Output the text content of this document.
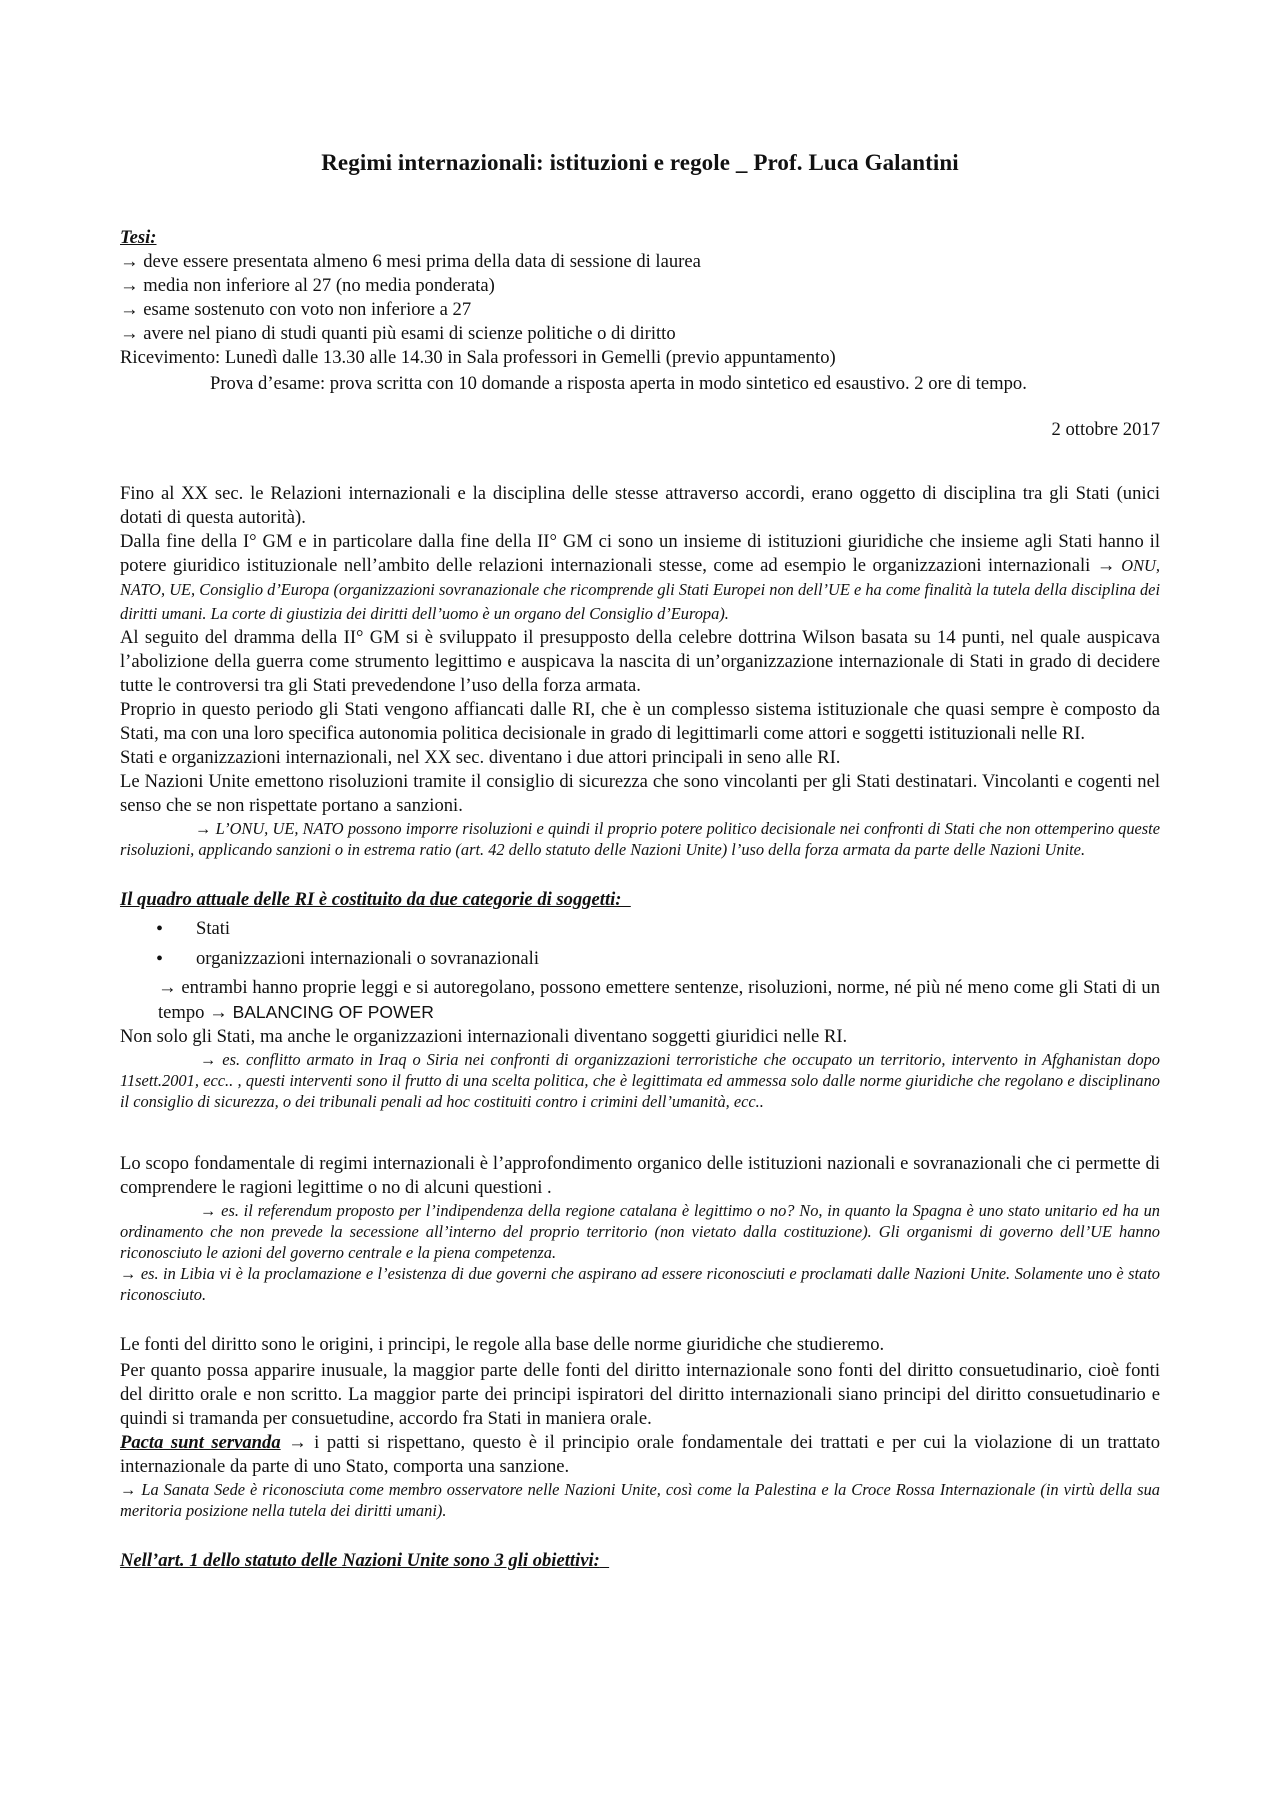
Regimi internazionali: istituzioni e regole _ Prof. Luca Galantini

Tesi:

→ deve essere presentata almeno 6 mesi prima della data di sessione di laurea

→ media non inferiore al 27 (no media ponderata)

→ esame sostenuto con voto non inferiore a 27

→ avere nel piano di studi quanti più esami di scienze politiche o di diritto

Ricevimento: Lunedì dalle 13.30 alle 14.30 in Sala professori in Gemelli (previo appuntamento)

Prova d’esame: prova scritta con 10 domande a risposta aperta in modo sintetico ed esaustivo. 2 ore di tempo.

2 ottobre 2017

Fino al XX sec. le Relazioni internazionali e la disciplina delle stesse attraverso accordi, erano oggetto di disciplina tra gli Stati (unici dotati di questa autorità).

Dalla fine della I° GM e in particolare dalla fine della II° GM ci sono un insieme di istituzioni giuridiche che insieme agli Stati hanno il potere giuridico istituzionale nell’ambito delle relazioni internazionali stesse, come ad esempio le organizzazioni internazionali → ONU, NATO, UE, Consiglio d’Europa (organizzazioni sovranazionale che ricomprende gli Stati Europei non dell’UE e ha come finalità la tutela della disciplina dei diritti umani. La corte di giustizia dei diritti dell’uomo è un organo del Consiglio d’Europa).

Al seguito del dramma della II° GM si è sviluppato il presupposto della celebre dottrina Wilson basata su 14 punti, nel quale auspicava l’abolizione della guerra come strumento legittimo e auspicava la nascita di un’organizzazione internazionale di Stati in grado di decidere tutte le controversi tra gli Stati prevedendone l’uso della forza armata.

Proprio in questo periodo gli Stati vengono affiancati dalle RI, che è un complesso sistema istituzionale che quasi sempre è composto da Stati, ma con una loro specifica autonomia politica decisionale in grado di legittimarli come attori e soggetti istituzionali nelle RI.

Stati e organizzazioni internazionali, nel XX sec. diventano i due attori principali in seno alle RI.

Le Nazioni Unite emettono risoluzioni tramite il consiglio di sicurezza che sono vincolanti per gli Stati destinatari. Vincolanti e cogenti nel senso che se non rispettate portano a sanzioni.

→ L’ONU, UE, NATO possono imporre risoluzioni e quindi il proprio potere politico decisionale nei confronti di Stati che non ottemperino queste risoluzioni, applicando sanzioni o in estrema ratio (art. 42 dello statuto delle Nazioni Unite) l’uso della forza armata da parte delle Nazioni Unite.

Il quadro attuale delle RI è costituito da due categorie di soggetti:

• Stati
• organizzazioni internazionali o sovranazionali

→ entrambi hanno proprie leggi e si autoregolano, possono emettere sentenze, risoluzioni, norme, né più né meno come gli Stati di un tempo → BALANCING OF POWER

Non solo gli Stati, ma anche le organizzazioni internazionali diventano soggetti giuridici nelle RI.

→ es. conflitto armato in Iraq o Siria nei confronti di organizzazioni terroristiche che occupato un territorio, intervento in Afghanistan dopo 11sett.2001, ecc.. , questi interventi sono il frutto di una scelta politica, che è legittimata ed ammessa solo dalle norme giuridiche che regolano e disciplinano il consiglio di sicurezza, o dei tribunali penali ad hoc costituiti contro i crimini dell’umanità, ecc..

Lo scopo fondamentale di regimi internazionali è l’approfondimento organico delle istituzioni nazionali e sovranazionali che ci permette di comprendere le ragioni legittime o no di alcuni questioni .

→ es. il referendum proposto per l’indipendenza della regione catalana è legittimo o no? No, in quanto la Spagna è uno stato unitario ed ha un ordinamento che non prevede la secessione all’interno del proprio territorio (non vietato dalla costituzione). Gli organismi di governo dell’UE hanno riconosciuto le azioni del governo centrale e la piena competenza.

→ es. in Libia vi è la proclamazione e l’esistenza di due governi che aspirano ad essere riconosciuti e proclamati dalle Nazioni Unite. Solamente uno è stato riconosciuto.

Le fonti del diritto sono le origini, i principi, le regole alla base delle norme giuridiche che studieremo.

Per quanto possa apparire inusuale, la maggior parte delle fonti del diritto internazionale sono fonti del diritto consuetudinario, cioè fonti del diritto orale e non scritto. La maggior parte dei principi ispiratori del diritto internazionali siano principi del diritto consuetudinario e quindi si tramanda per consuetudine, accordo fra Stati in maniera orale.

Pacta sunt servanda → i patti si rispettano, questo è il principio orale fondamentale dei trattati e per cui la violazione di un trattato internazionale da parte di uno Stato, comporta una sanzione.

→ La Sanata Sede è riconosciuta come membro osservatore nelle Nazioni Unite, così come la Palestina e la Croce Rossa Internazionale (in virtù della sua meritoria posizione nella tutela dei diritti umani).

Nell’art. 1 dello statuto delle Nazioni Unite sono 3 gli obiettivi:
